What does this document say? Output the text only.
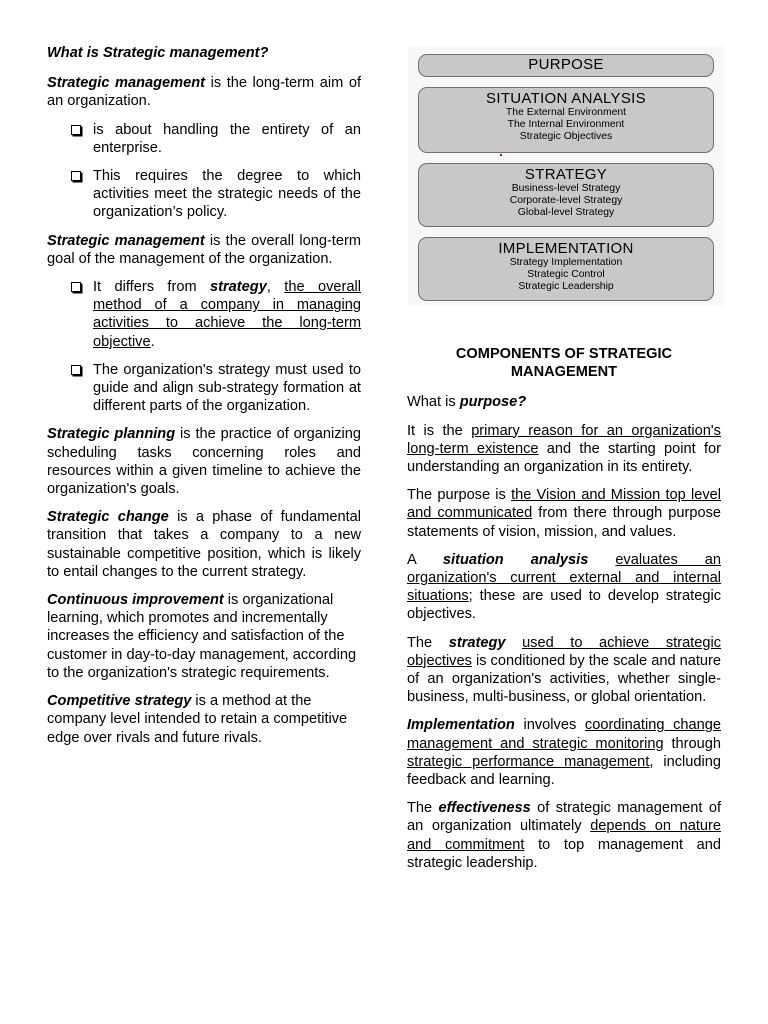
What is Strategic management?

Strategic management is the long-term aim of an organization.

is about handling the entirety of an enterprise.
This requires the degree to which activities meet the strategic needs of the organization’s policy.

Strategic management is the overall long-term goal of the management of the organization.

It differs from strategy, the overall method of a company in managing activities to achieve the long-term objective.
The organization's strategy must used to guide and align sub-strategy formation at different parts of the organization.

Strategic planning is the practice of organizing scheduling tasks concerning roles and resources within a given timeline to achieve the organization's goals.

Strategic change is a phase of fundamental transition that takes a company to a new sustainable competitive position, which is likely to entail changes to the current strategy.

Continuous improvement is organizational learning, which promotes and incrementally increases the efficiency and satisfaction of the customer in day-to-day management, according to the organization's strategic requirements.

Competitive strategy is a method at the company level intended to retain a competitive edge over rivals and future rivals.

PURPOSE
SITUATION ANALYSIS
The External Environment
The Internal Environment
Strategic Objectives
STRATEGY
Business-level Strategy
Corporate-level Strategy
Global-level Strategy
IMPLEMENTATION
Strategy Implementation
Strategic Control
Strategic Leadership
COMPONENTS OF STRATEGIC
MANAGEMENT

What is purpose?

It is the primary reason for an organization's long-term existence and the starting point for understanding an organization in its entirety.

The purpose is the Vision and Mission top level and communicated from there through purpose statements of vision, mission, and values.

A situation analysis evaluates an organization's current external and internal situations; these are used to develop strategic objectives.

The strategy used to achieve strategic objectives is conditioned by the scale and nature of an organization's activities, whether single-business, multi-business, or global orientation.

Implementation involves coordinating change management and strategic monitoring through strategic performance management, including feedback and learning.

The effectiveness of strategic management of an organization ultimately depends on nature and commitment to top management and strategic leadership.
